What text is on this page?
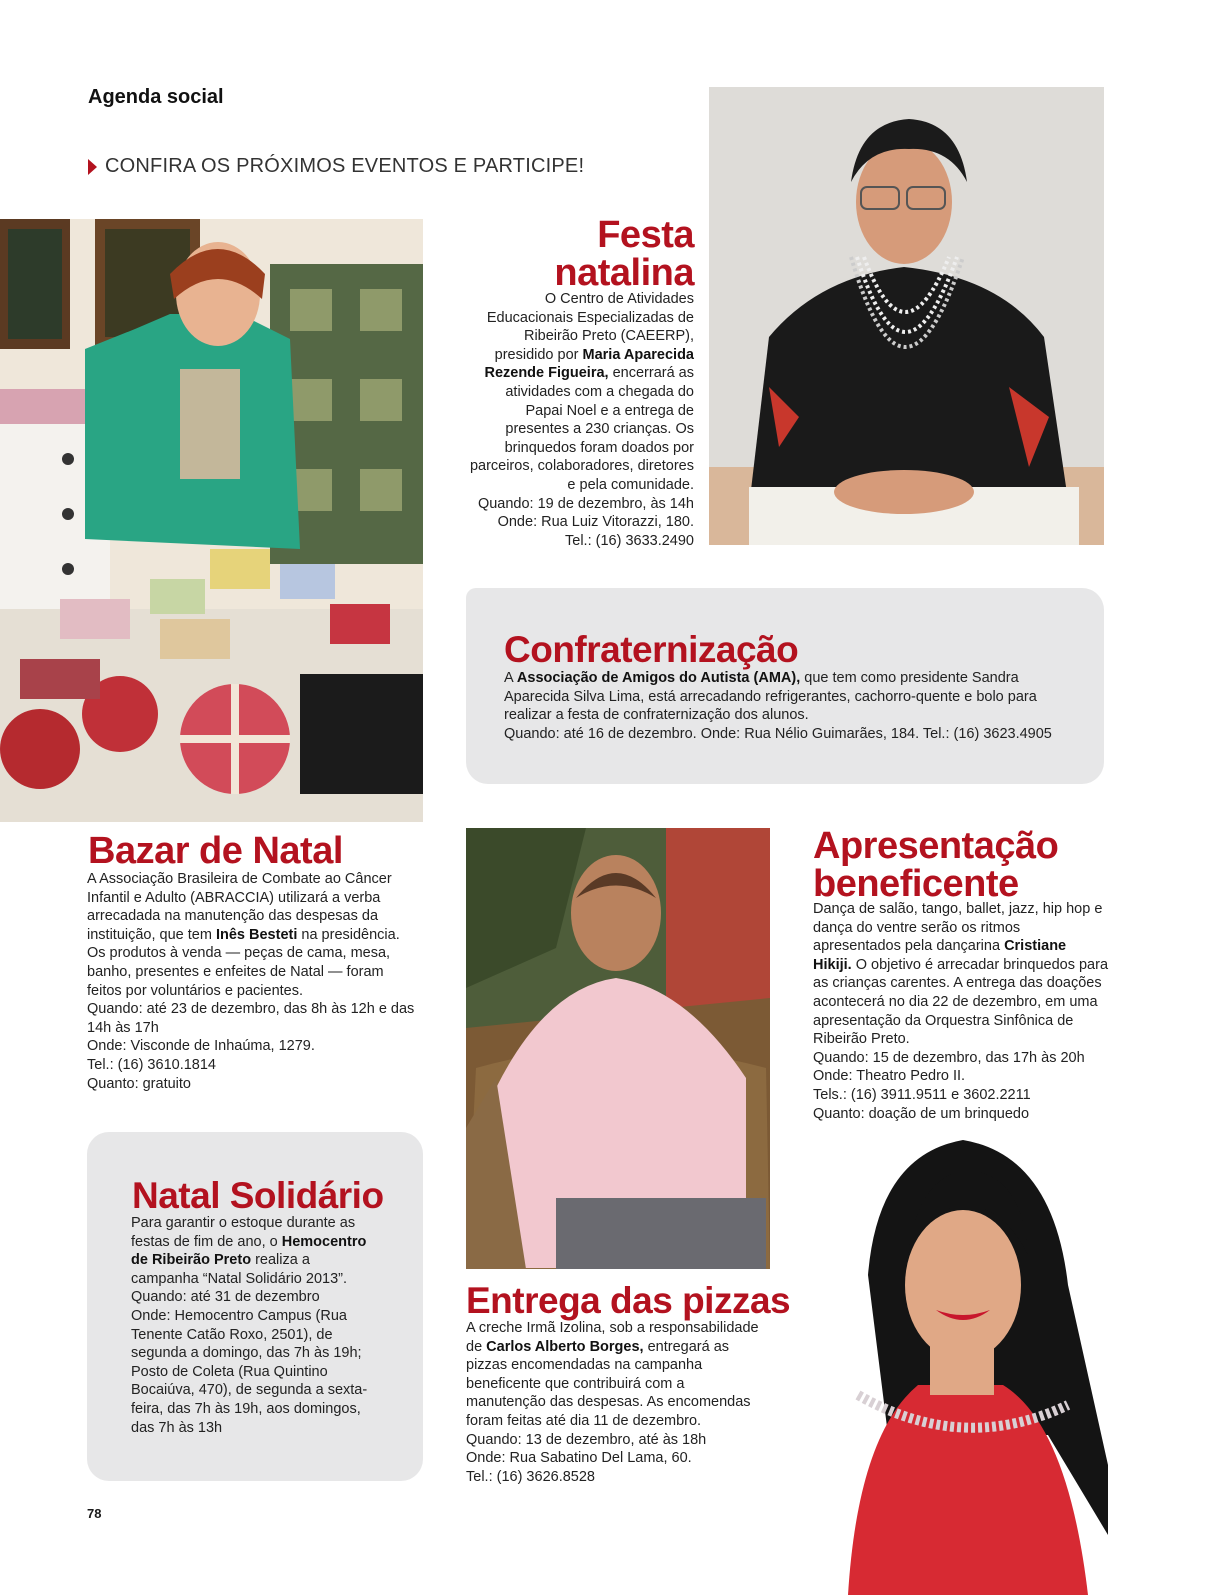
Agenda social
CONFIRA OS PRÓXIMOS EVENTOS E PARTICIPE!
Festa
natalina
O Centro de Atividades Educacionais Especializadas de Ribeirão Preto (CAEERP), presidido por Maria Aparecida Rezende Figueira, encerrará as atividades com a chegada do Papai Noel e a entrega de presentes a 230 crianças. Os brinquedos foram doados por parceiros, colaboradores, diretores e pela comunidade.
Quando: 19 de dezembro, às 14h
Onde: Rua Luiz Vitorazzi, 180.
Tel.: (16) 3633.2490
Confraternização
A Associação de Amigos do Autista (AMA), que tem como presidente Sandra Aparecida Silva Lima, está arrecadando refrigerantes, cachorro-quente e bolo para realizar a festa de confraternização dos alunos.
Quando: até 16 de dezembro. Onde: Rua Nélio Guimarães, 184. Tel.: (16) 3623.4905
Bazar de Natal
A Associação Brasileira de Combate ao Câncer Infantil e Adulto (ABRACCIA) utilizará a verba arrecadada na manutenção das despesas da instituição, que tem Inês Besteti na presidência. Os produtos à venda — peças de cama, mesa, banho, presentes e enfeites de Natal — foram feitos por voluntários e pacientes.
Quando: até 23 de dezembro, das 8h às 12h e das 14h às 17h
Onde: Visconde de Inhaúma, 1279.
Tel.: (16) 3610.1814
Quanto: gratuito
Apresentação
beneficente
Dança de salão, tango, ballet, jazz, hip hop e dança do ventre serão os ritmos apresentados pela dançarina Cristiane Hikiji. O objetivo é arrecadar brinquedos para as crianças carentes. A entrega das doações acontecerá no dia 22 de dezembro, em uma apresentação da Orquestra Sinfônica de Ribeirão Preto.
Quando: 15 de dezembro, das 17h às 20h
Onde: Theatro Pedro II.
Tels.: (16) 3911.9511 e 3602.2211
Quanto: doação de um brinquedo
Natal Solidário
Para garantir o estoque durante as festas de fim de ano, o Hemocentro de Ribeirão Preto realiza a campanha “Natal Solidário 2013”.
Quando: até 31 de dezembro
Onde: Hemocentro Campus (Rua Tenente Catão Roxo, 2501), de segunda a domingo, das 7h às 19h; Posto de Coleta (Rua Quintino Bocaiúva, 470), de segunda a sexta-feira, das 7h às 19h, aos domingos, das 7h às 13h
Entrega das pizzas
A creche Irmã Izolina, sob a responsabilidade de Carlos Alberto Borges, entregará as pizzas encomendadas na campanha beneficente que contribuirá com a manutenção das despesas. As encomendas foram feitas até dia 11 de dezembro.
Quando: 13 de dezembro, até às 18h
Onde: Rua Sabatino Del Lama, 60.
Tel.: (16) 3626.8528
78
